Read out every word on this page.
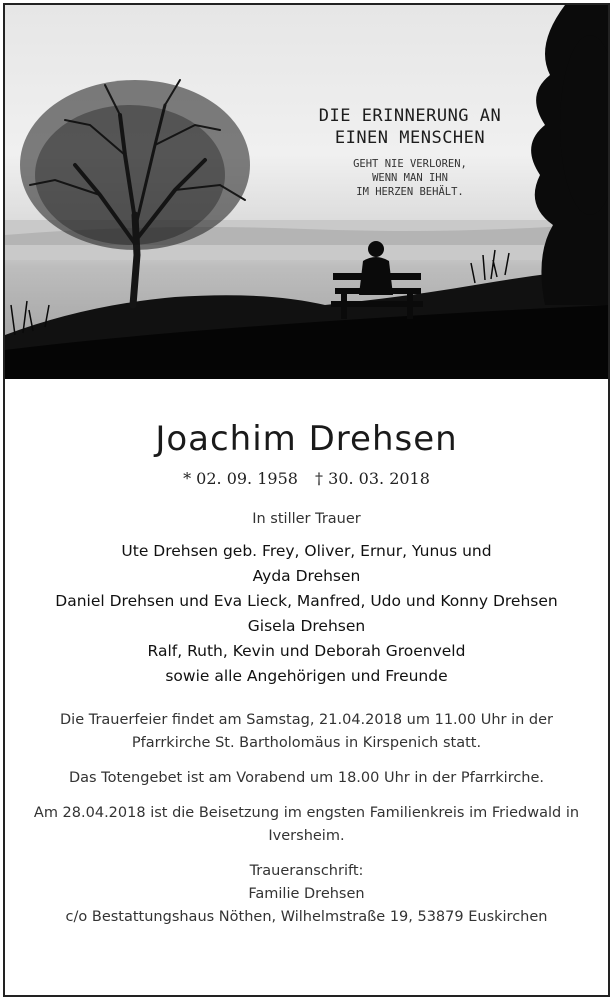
DIE ERINNERUNG AN
EINEN MENSCHEN
GEHT NIE VERLOREN,
WENN MAN IHN
IM HERZEN BEHÄLT.
Joachim Drehsen
* 02. 09. 1958 † 30. 03. 2018
In stiller Trauer
Ute Drehsen geb. Frey, Oliver, Ernur, Yunus und
Ayda Drehsen
Daniel Drehsen und Eva Lieck, Manfred, Udo und Konny Drehsen
Gisela Drehsen
Ralf, Ruth, Kevin und Deborah Groenveld
sowie alle Angehörigen und Freunde

Die Trauerfeier findet am Samstag, 21.04.2018 um 11.00 Uhr in der Pfarrkirche St. Bartholomäus in Kirspenich statt.

Das Totengebet ist am Vorabend um 18.00 Uhr in der Pfarrkirche.

Am 28.04.2018 ist die Beisetzung im engsten Familienkreis im Friedwald in Iversheim.

Traueranschrift:
Familie Drehsen
c/o Bestattungshaus Nöthen, Wilhelmstraße 19, 53879 Euskirchen
